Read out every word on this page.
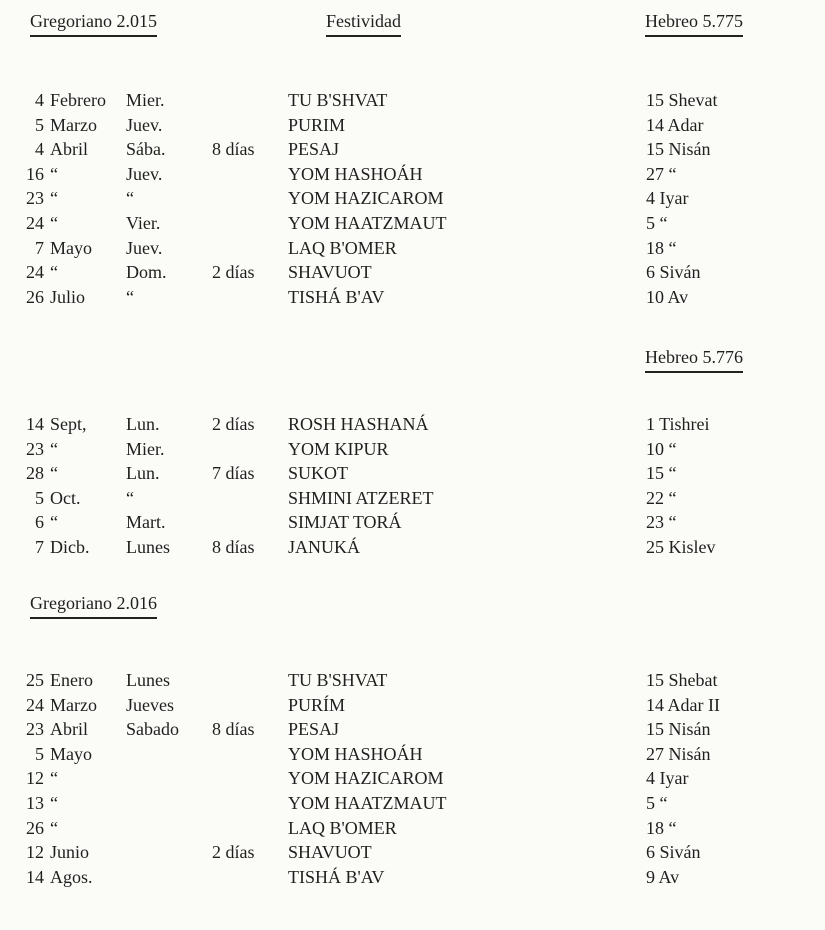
Gregoriano 2.015	Festividad	Hebreo 5.775
4 Febrero Mier.	TU B'SHVAT	15 Shevat
5 Marzo Juev.	PURIM	14 Adar
4 Abril Sába.	8 días PESAJ	15 Nisán
16 “	Juev.	YOM HASHOÁH	27 “
23 “	“	YOM HAZICAROM	4 Iyar
24 “	Vier.	YOM HAATZMAUT	5 “
7 Mayo Juev.	LAQ B'OMER	18 “
24 “	Dom.	2 días SHAVUOT	6 Siván
26 Julio “	TISHÁ B'AV	10 Av
Hebreo 5.776
14 Sept, Lun.	2 días ROSH HASHANÁ	1 Tishrei
23 “	Mier.	YOM KIPUR	10 “
28 “	Lun.	7 días SUKOT	15 “
5 Oct.	“	SHMINI ATZERET	22 “
6 “	Mart.	SIMJAT TORÁ	23 “
7 Dicb. Lunes 8 días JANUKÁ	25 Kislev
Gregoriano 2.016
25 Enero Lunes	TU B'SHVAT	15 Shebat
24 Marzo Jueves	PURÍM	14 Adar II
23 Abril Sabado 8 días PESAJ	15 Nisán
5 Mayo	YOM HASHOÁH	27 Nisán
12 “	YOM HAZICAROM	4 Iyar
13 “	YOM HAATZMAUT	5 “
26 “	LAQ B'OMER	18 “
12 Junio	2 días SHAVUOT	6 Siván
14 Agos.	TISHÁ B'AV	9 Av
